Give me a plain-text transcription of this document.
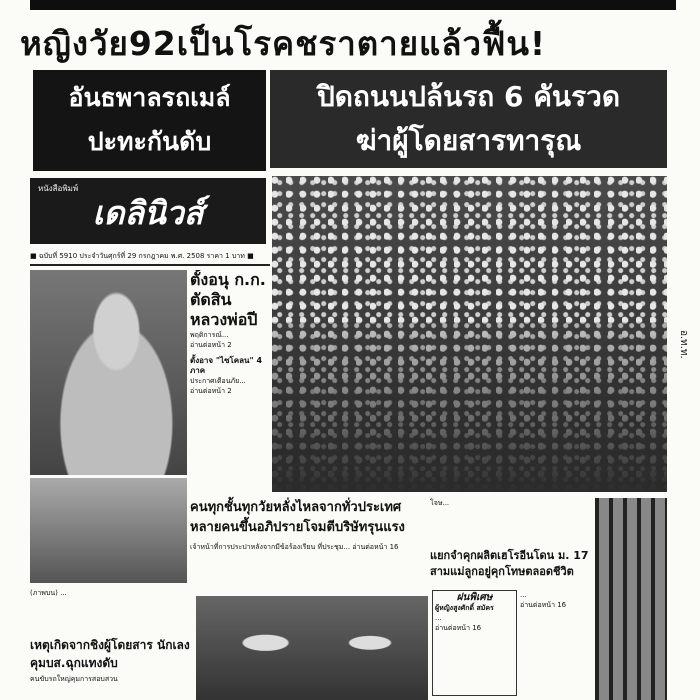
หญิงวัย92เป็นโรคชราตายแล้วฟื้น!
อันธพาลรถเมล์
ปะทะกันดับ
ปิดถนนปล้นรถ 6 คันรวด
ฆ่าผู้โดยสารทารุณ
หนังสือพิมพ์
เดลินิวส์
■ ฉบับที่ 5910 ประจำวันศุกร์ที่ 29 กรกฎาคม พ.ศ. 2508 ราคา 1 บาท ■
อ.ท.ท.
ตั้งอนุ ก.ก. ตัดสิน หลวงพ่อปี
พฤติการณ์...
อ่านต่อหน้า 2
ตั้งอาจ "ไซโคลน" 4 ภาค
ประกาศเตือนภัย...
อ่านต่อหน้า 2
คนทุกชั้นทุกวัยหลั่งไหลจากทั่วประเทศ หลายคนขึ้นอภิปรายโจมตีบริษัทรุนแรง
เจ้าหน้าที่การประปาหลังจากมีข้อร้องเรียน ที่ประชุม... อ่านต่อหน้า 16
โจษ...
แยกจำคุกผลิตเฮโรอีนโดน ม. 17 สามแม่ลูกอยู่คุกโทษตลอดชีวิต
(ภาพบน) ...
เหตุเกิดจากชิงผู้โดยสาร นักเลงคุมบส.ฉุกแทงดับ
คนขับรถใหญ่คุมการสอบสวน
ฝนพิเศษ
ผู้หญิงสูงศักดิ์ สมัคร
...
อ่านต่อหน้า 16
...
อ่านต่อหน้า 16
